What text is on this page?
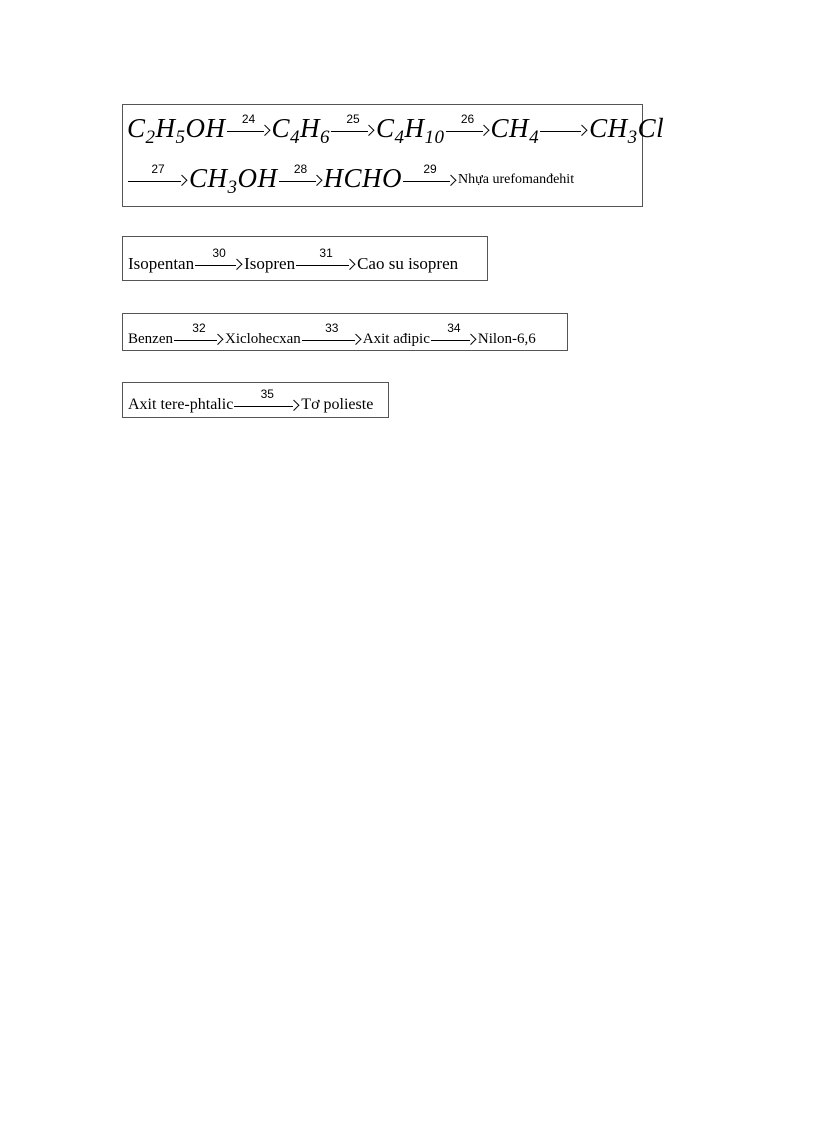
$C_2H_5OH$ 24 $C_4H_6$
25 $C_4H_{10}$
26 $CH_4$
$CH_3Cl$
27 $CH_3OH$ 28 HCHO 29
Nhựa urefomanđehit
Isopentan
30
Isopren
31
Cao su isopren
Benzen
32
Xiclohecxan
33
Axit ađipic
34
Nilon-6,6
Axit tere-phtalic
35
Tơ polieste
